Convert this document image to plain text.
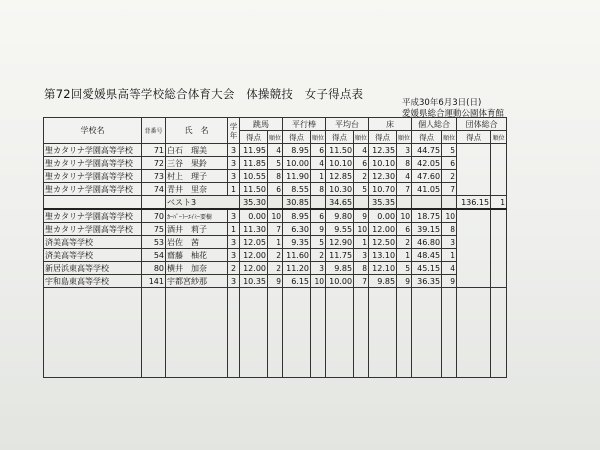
第72回愛媛県高等学校総合体育大会　体操競技　女子得点表
平成30年6月3日(日)
愛媛県総合運動公園体育館
学校名	背番号	氏　名	学年	跳馬		平行棒		平均台		床		個人総合		団体総合	
				得点	順位	得点	順位	得点	順位	得点	順位	得点	順位	得点	順位
聖カタリナ学園高等学校	71	白石　瑠美	3	11.95	4	8.95	6	11.50	4	12.35	3	44.75	5		
聖カタリナ学園高等学校	72	三谷　果鈴	3	11.85	5	10.00	4	10.10	6	10.10	8	42.05	6		
聖カタリナ学園高等学校	73	村上　理子	3	10.55	8	11.90	1	12.85	2	12.30	4	47.60	2		
聖カタリナ学園高等学校	74	青井　里奈	1	11.50	6	8.55	8	10.30	5	10.70	7	41.05	7		
		ベスト3		35.30		30.85		34.65		35.35				136.15	1
聖カタリナ学園高等学校	70	ｶｰﾊﾟｰﾄｰｴｲﾐｰ要樹	3	0.00	10	8.95	6	9.80	9	0.00	10	18.75	10		
聖カタリナ学園高等学校	75	酒井　莉子	1	11.30	7	6.30	9	9.55	10	12.00	6	39.15	8		
済美高等学校	53	岩佐　茜	3	12.05	1	9.35	5	12.90	1	12.50	2	46.80	3		
済美高等学校	54	齋藤　柚花	3	12.00	2	11.60	2	11.75	3	13.10	1	48.45	1		
新居浜東高等学校	80	横井　加奈	2	12.00	2	11.20	3	9.85	8	12.10	5	45.15	4		
宇和島東高等学校	141	宇都宮紗那	3	10.35	9	6.15	10	10.00	7	9.85	9	36.35	9		
